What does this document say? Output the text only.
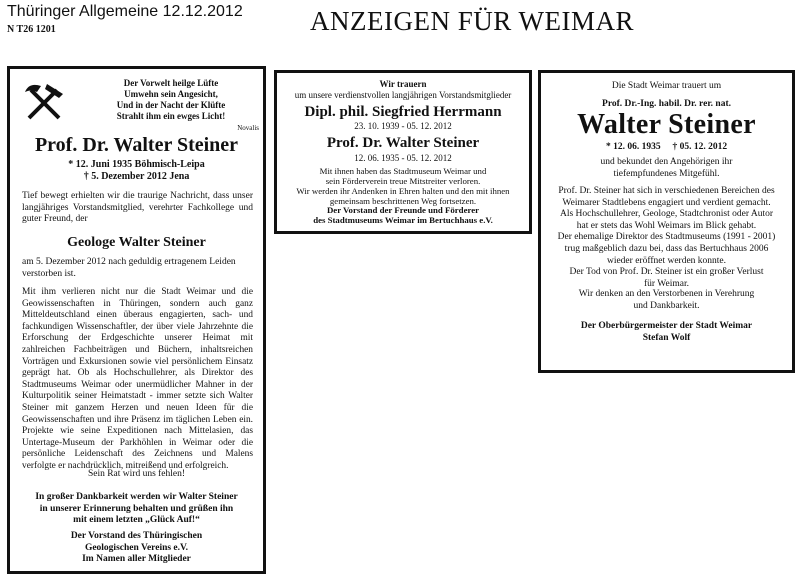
Thüringer Allgemeine 12.12.2012
N T26 1201	ANZEIGEN FÜR WEIMAR

Der Vorwelt heilge Lüfte

Umwehn sein Angesicht,

Und in der Nacht der Klüfte

Strahlt ihm ein ewges Licht!

Novalis
Prof. Dr. Walter Steiner

* 12. Juni 1935 Böhmisch-Leipa

† 5. Dezember 2012 Jena

Tief bewegt erhielten wir die traurige Nachricht, dass unser langjähriges Vorstandsmitglied, verehrter Fachkollege und guter Freund, der

Geologe Walter Steiner

am 5. Dezember 2012 nach geduldig ertragenem Leiden verstorben ist.

Mit ihm verlieren nicht nur die Stadt Weimar und die Geowissenschaften in Thüringen, sondern auch ganz Mitteldeutschland einen überaus engagierten, sach- und fachkundigen Wissenschaftler, der über viele Jahrzehnte die Erforschung der Erdgeschichte unserer Heimat mit zahlreichen Fachbeiträgen und Büchern, inhaltsreichen Vorträgen und Exkursionen sowie viel persönlichem Einsatz geprägt hat. Ob als Hochschullehrer, als Direktor des Stadtmuseums Weimar oder unermüdlicher Mahner in der Kulturpolitik seiner Heimatstadt - immer setzte sich Walter Steiner mit ganzem Herzen und neuen Ideen für die Geowissenschaften und ihre Präsenz im täglichen Leben ein. Projekte wie seine Expeditionen nach Mittelasien, das Untertage-Museum der Parkhöhlen in Weimar oder die persönliche Leidenschaft des Zeichnens und Malens verfolgte er nachdrücklich, mitreißend und erfolgreich.

Sein Rat wird uns fehlen!

In großer Dankbarkeit werden wir Walter Steiner

in unserer Erinnerung behalten und grüßen ihn

mit einem letzten „Glück Auf!“

Der Vorstand des Thüringischen

Geologischen Vereins e.V.

Im Namen aller Mitglieder

Wir trauern

um unsere verdienstvollen langjährigen Vorstandsmitglieder

Dipl. phil. Siegfried Herrmann
23. 10. 1939 - 05. 12. 2012
Prof. Dr. Walter Steiner
12. 06. 1935 - 05. 12. 2012

Mit ihnen haben das Stadtmuseum Weimar und

sein Förderverein treue Mitstreiter verloren.

Wir werden ihr Andenken in Ehren halten und den mit ihnen

gemeinsam beschrittenen Weg fortsetzen.

Der Vorstand der Freunde und Förderer

des Stadtmuseums Weimar im Bertuchhaus e.V.

Die Stadt Weimar trauert um
Prof. Dr.-Ing. habil. Dr. rer. nat.
Walter Steiner
* 12. 06. 1935     † 05. 12. 2012

und bekundet den Angehörigen ihr

tiefempfundenes Mitgefühl.

Prof. Dr. Steiner hat sich in verschiedenen Bereichen des

Weimarer Stadtlebens engagiert und verdient gemacht.

Als Hochschullehrer, Geologe, Stadtchronist oder Autor

hat er stets das Wohl Weimars im Blick gehabt.

Der ehemalige Direktor des Stadtmuseums (1991 - 2001)

trug maßgeblich dazu bei, dass das Bertuchhaus 2006

wieder eröffnet werden konnte.

Der Tod von Prof. Dr. Steiner ist ein großer Verlust

für Weimar.

Wir denken an den Verstorbenen in Verehrung

und Dankbarkeit.

Der Oberbürgermeister der Stadt Weimar

Stefan Wolf
